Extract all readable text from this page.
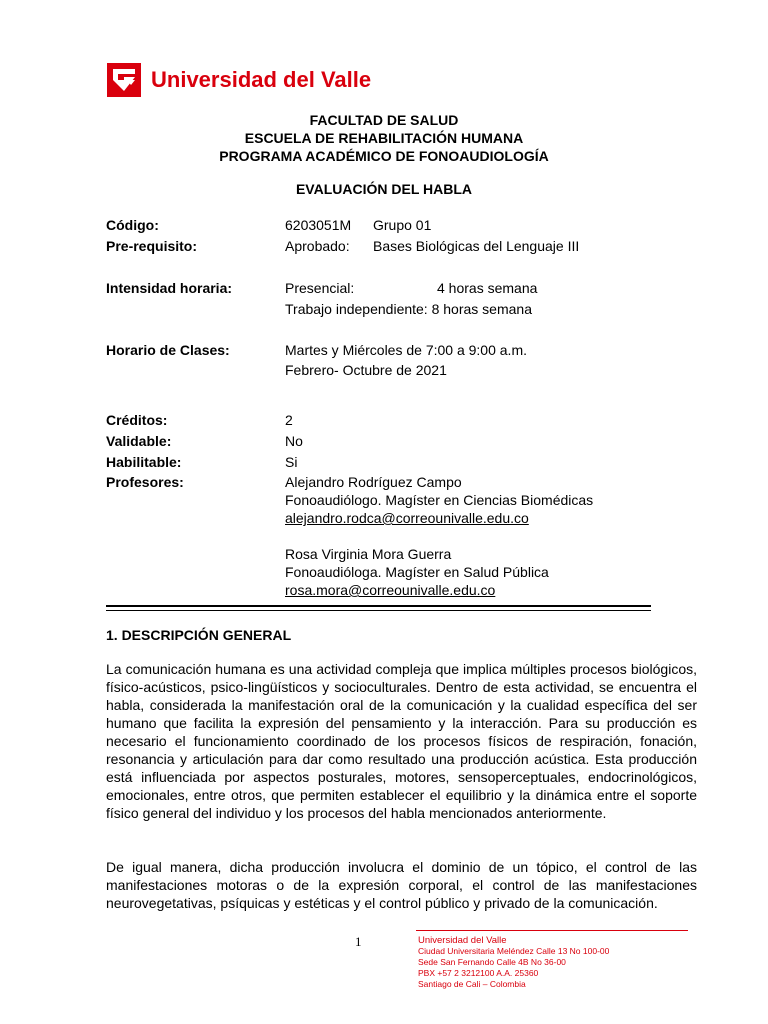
Universidad del Valle
FACULTAD DE SALUD
ESCUELA DE REHABILITACIÓN HUMANA
PROGRAMA ACADÉMICO DE FONOAUDIOLOGÍA
EVALUACIÓN DEL HABLA
Código:	6203051M Grupo 01
Pre-requisito:	Aprobado: Bases Biológicas del Lenguaje III
Intensidad horaria:	Presencial:	4 horas semana
Trabajo independiente: 8 horas semana
Horario de Clases:	Martes y Miércoles de 7:00 a 9:00 a.m.
Febrero- Octubre de 2021
Créditos:	2
Validable:	No
Habilitable:	Si
Profesores:	Alejandro Rodríguez Campo
Fonoaudiólogo. Magíster en Ciencias Biomédicas
alejandro.rodca@correounivalle.edu.co
Rosa Virginia Mora Guerra
Fonoaudióloga. Magíster en Salud Pública
rosa.mora@correounivalle.edu.co
1. DESCRIPCIÓN GENERAL
La comunicación humana es una actividad compleja que implica múltiples procesos biológicos, físico-acústicos, psico-lingüísticos y socioculturales. Dentro de esta actividad, se encuentra el habla, considerada la manifestación oral de la comunicación y la cualidad específica del ser humano que facilita la expresión del pensamiento y la interacción. Para su producción es necesario el funcionamiento coordinado de los procesos físicos de respiración, fonación, resonancia y articulación para dar como resultado una producción acústica. Esta producción está influenciada por aspectos posturales, motores, sensoperceptuales, endocrinológicos, emocionales, entre otros, que permiten establecer el equilibrio y la dinámica entre el soporte físico general del individuo y los procesos del habla mencionados anteriormente.
De igual manera, dicha producción involucra el dominio de un tópico, el control de las manifestaciones motoras o de la expresión corporal, el control de las manifestaciones neurovegetativas, psíquicas y estéticas y el control público y privado de la comunicación.
1	Universidad del Valle
Ciudad Universitaria Meléndez Calle 13 No 100-00
Sede San Fernando Calle 4B No 36-00
PBX +57 2 3212100 A.A. 25360
Santiago de Cali – Colombia
